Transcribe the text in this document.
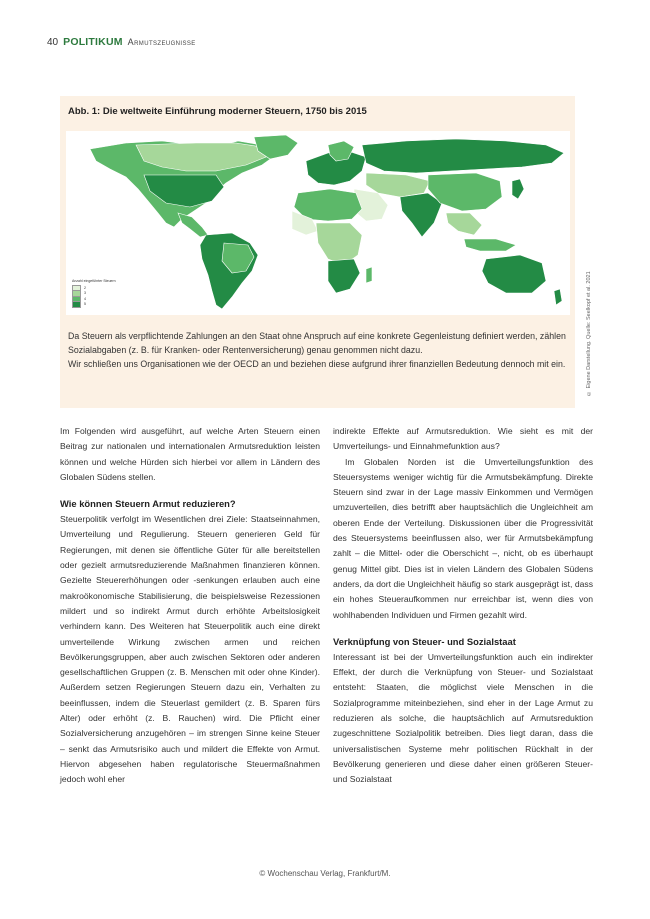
40 POLITIKUM Armutszeugnisse
Abb. 1: Die weltweite Einführung moderner Steuern, 1750 bis 2015
Anzahl eingeführter Steuern
2
3
4
5

Da Steuern als verpflichtende Zahlungen an den Staat ohne Anspruch auf eine konkrete Gegenleistung definiert werden, zählen Sozialabgaben (z. B. für Kranken- oder Rentenversicherung) genau genommen nicht dazu.

Wir schließen uns Organisationen wie der OECD an und beziehen diese aufgrund ihrer finanziellen Bedeutung dennoch mit ein.	© Eigene Darstellung. Quelle: Seelkopf et al. 2021

Im Folgenden wird ausgeführt, auf welche Arten Steuern einen Beitrag zur nationalen und internationalen Armutsreduktion leisten können und welche Hürden sich hierbei vor allem in Ländern des Globalen Südens stellen.

Wie können Steuern Armut reduzieren?

Steuerpolitik verfolgt im Wesentlichen drei Ziele: Staatseinnahmen, Umverteilung und Regulierung. Steuern generieren Geld für Regierungen, mit denen sie öffentliche Güter für alle bereitstellen oder gezielt armutsreduzierende Maßnahmen finanzieren können. Gezielte Steuererhöhungen oder -senkungen erlauben auch eine makroökonomische Stabilisierung, die beispielsweise Rezessionen mildert und so indirekt Armut durch erhöhte Arbeitslosigkeit verhindern kann. Des Weiteren hat Steuerpolitik auch eine direkt umverteilende Wirkung zwischen armen und reichen Bevölkerungsgruppen, aber auch zwischen Sektoren oder anderen gesellschaftlichen Gruppen (z. B. Menschen mit oder ohne Kinder). Außerdem setzen Regierungen Steuern dazu ein, Verhalten zu beeinflussen, indem die Steuerlast gemildert (z. B. Sparen fürs Alter) oder erhöht (z. B. Rauchen) wird. Die Pflicht einer Sozialversicherung anzugehören – im strengen Sinne keine Steuer – senkt das Armutsrisiko auch und mildert die Effekte von Armut. Hiervon abgesehen haben regulatorische Steuermaßnahmen jedoch wohl eher

indirekte Effekte auf Armutsreduktion. Wie sieht es mit der Umverteilungs- und Einnahmefunktion aus?

Im Globalen Norden ist die Umverteilungsfunktion des Steuersystems weniger wichtig für die Armutsbekämpfung. Direkte Steuern sind zwar in der Lage massiv Einkommen und Vermögen umzuverteilen, dies betrifft aber hauptsächlich die Ungleichheit am oberen Ende der Verteilung. Diskussionen über die Progressivität des Steuersystems beeinflussen also, wer für Armutsbekämpfung zahlt – die Mittel- oder die Oberschicht –, nicht, ob es überhaupt genug Mittel gibt. Dies ist in vielen Ländern des Globalen Südens anders, da dort die Ungleichheit häufig so stark ausgeprägt ist, dass ein hohes Steueraufkommen nur erreichbar ist, wenn dies von wohlhabenden Individuen und Firmen gezahlt wird.

Verknüpfung von Steuer- und Sozialstaat

Interessant ist bei der Umverteilungsfunktion auch ein indirekter Effekt, der durch die Verknüpfung von Steuer- und Sozialstaat entsteht: Staaten, die möglichst viele Menschen in die Sozialprogramme miteinbeziehen, sind eher in der Lage Armut zu reduzieren als solche, die hauptsächlich auf Armutsreduktion zugeschnittene Sozialpolitik betreiben. Dies liegt daran, dass die universalistischen Systeme mehr politischen Rückhalt in der Bevölkerung generieren und diese daher einen größeren Steuer- und Sozialstaat

© Wochenschau Verlag, Frankfurt/M.
